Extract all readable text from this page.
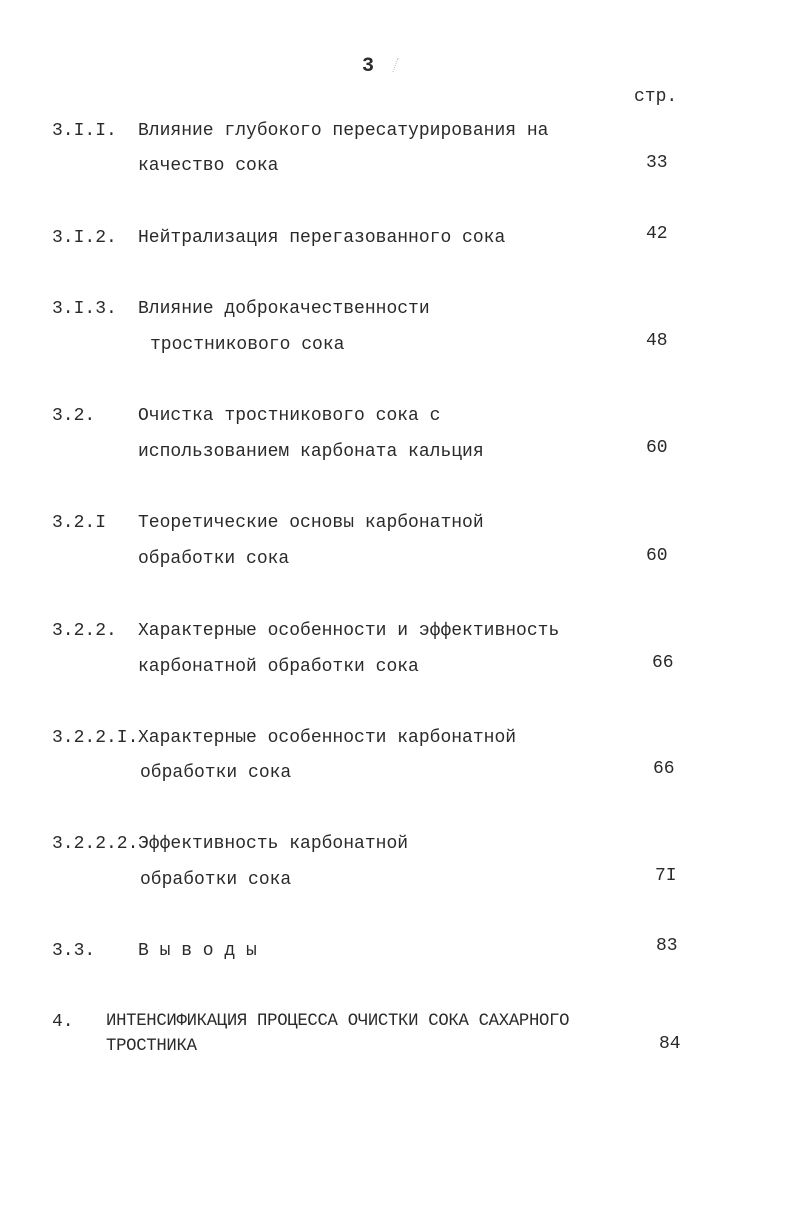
3
стр.
3.I.I. Влияние глубокого пересатурирования на
качество сока	33
3.I.2. Нейтрализация перегазованного сока	42
3.I.3. Влияние доброкачественности
тростникового сока	48
3.2. Очистка тростникового сока с
использованием карбоната кальция	60
3.2.I Теоретические основы карбонатной
обработки сока	60
3.2.2. Характерные особенности и эффективность
карбонатной обработки сока	66
3.2.2.I. Характерные особенности карбонатной
обработки сока	66
3.2.2.2. Эффективность карбонатной
обработки сока	7I
3.3. В ы в о д ы	83
4. ИНТЕНСИФИКАЦИЯ ПРОЦЕССА ОЧИСТКИ СОКА САХАРНОГО
ТРОСТНИКА	84
